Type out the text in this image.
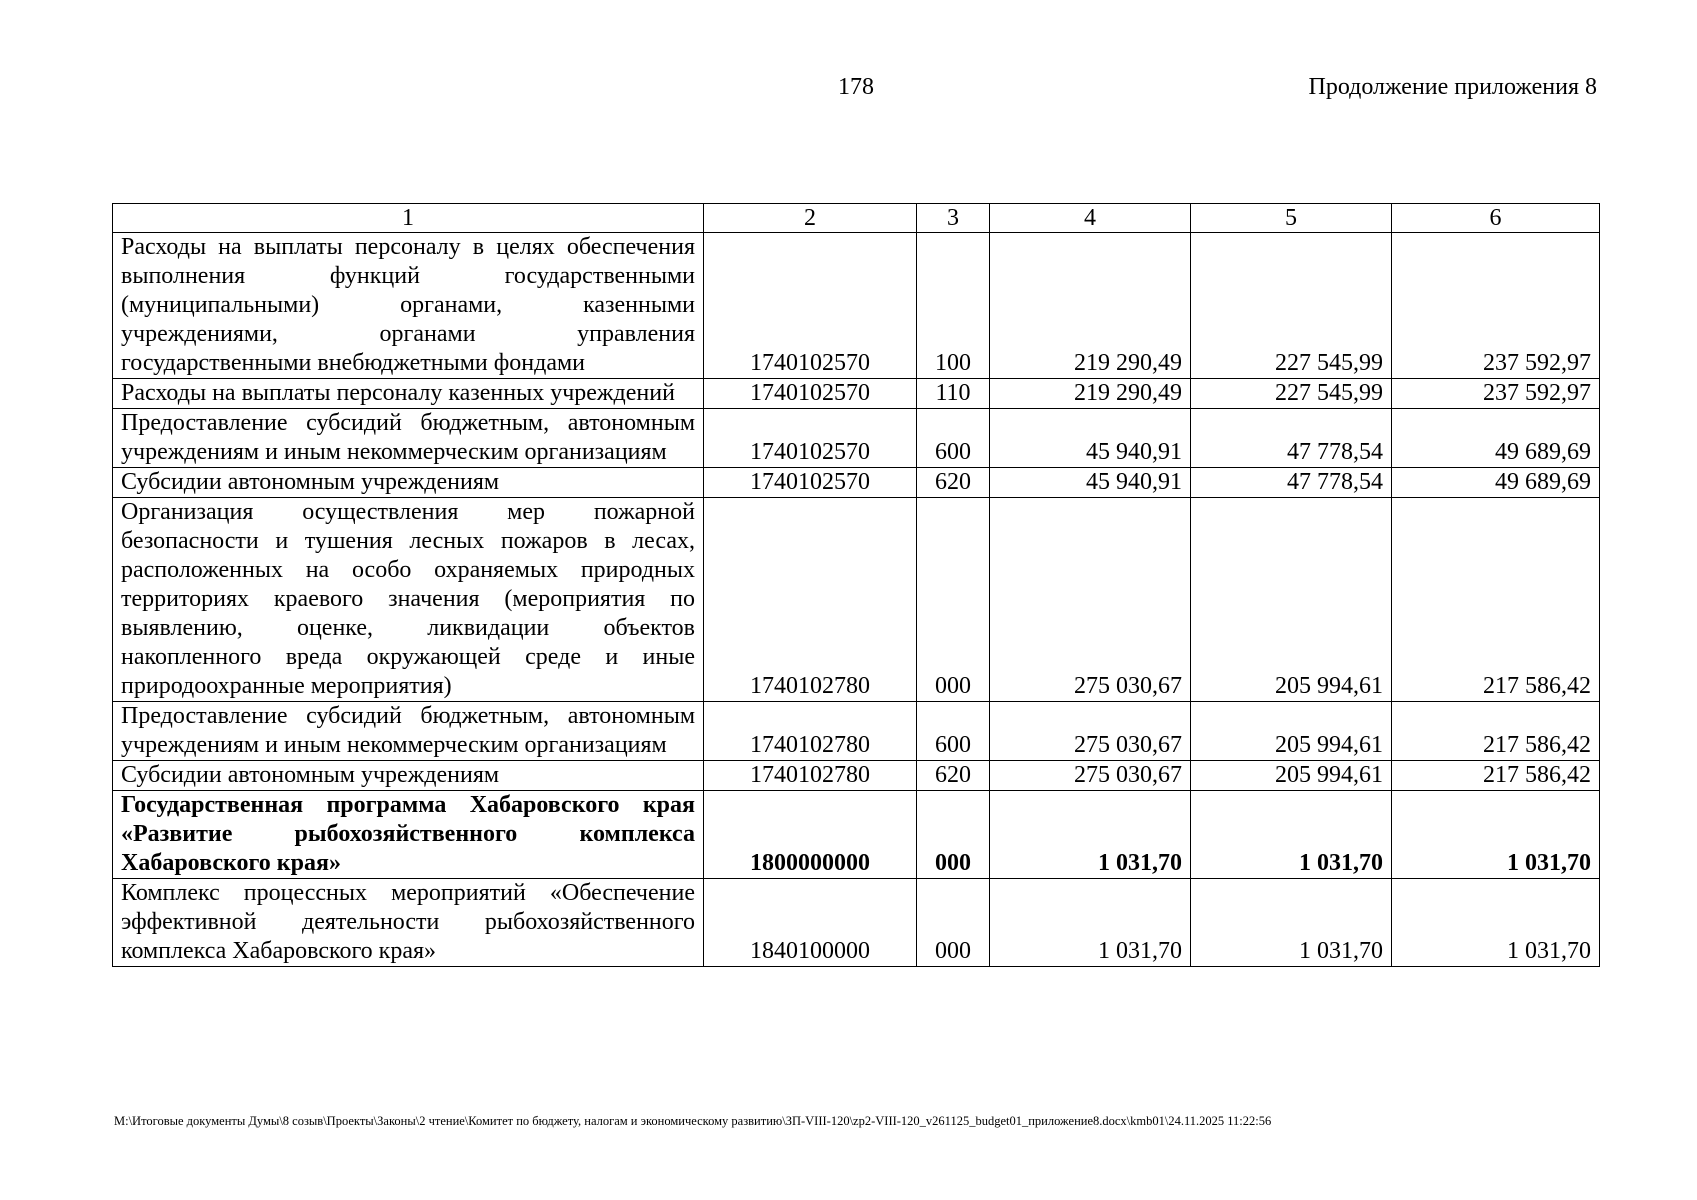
178	Продолжение приложения 8
1	2	3	4	5	6
Расходы на выплаты персоналу в целях обеспечения выполнения функций государственными (муниципальными) органами, казенными учреждениями, органами управления государственными внебюджетными фондами	1740102570	100	219 290,49	227 545,99	237 592,97
Расходы на выплаты персоналу казенных учреждений	1740102570	110	219 290,49	227 545,99	237 592,97
Предоставление субсидий бюджетным, автономным учреждениям и иным некоммерческим организациям	1740102570	600	45 940,91	47 778,54	49 689,69
Субсидии автономным учреждениям	1740102570	620	45 940,91	47 778,54	49 689,69
Организация осуществления мер пожарной безопасности и тушения лесных пожаров в лесах, расположенных на особо охраняемых природных территориях краевого значения (мероприятия по выявлению, оценке, ликвидации объектов накопленного вреда окружающей среде и иные природоохранные мероприятия)	1740102780	000	275 030,67	205 994,61	217 586,42
Предоставление субсидий бюджетным, автономным учреждениям и иным некоммерческим организациям	1740102780	600	275 030,67	205 994,61	217 586,42
Субсидии автономным учреждениям	1740102780	620	275 030,67	205 994,61	217 586,42
Государственная программа Хабаровского края «Развитие рыбохозяйственного комплекса Хабаровского края»	1800000000	000	1 031,70	1 031,70	1 031,70
Комплекс процессных мероприятий «Обеспечение эффективной деятельности рыбохозяйственного комплекса Хабаровского края»	1840100000	000	1 031,70	1 031,70	1 031,70
M:\Итоговые документы Думы\8 созыв\Проекты\Законы\2 чтение\Комитет по бюджету, налогам и экономическому развитию\ЗП-VIII-120\zp2-VIII-120_v261125_budget01_приложение8.docx\kmb01\24.11.2025 11:22:56
